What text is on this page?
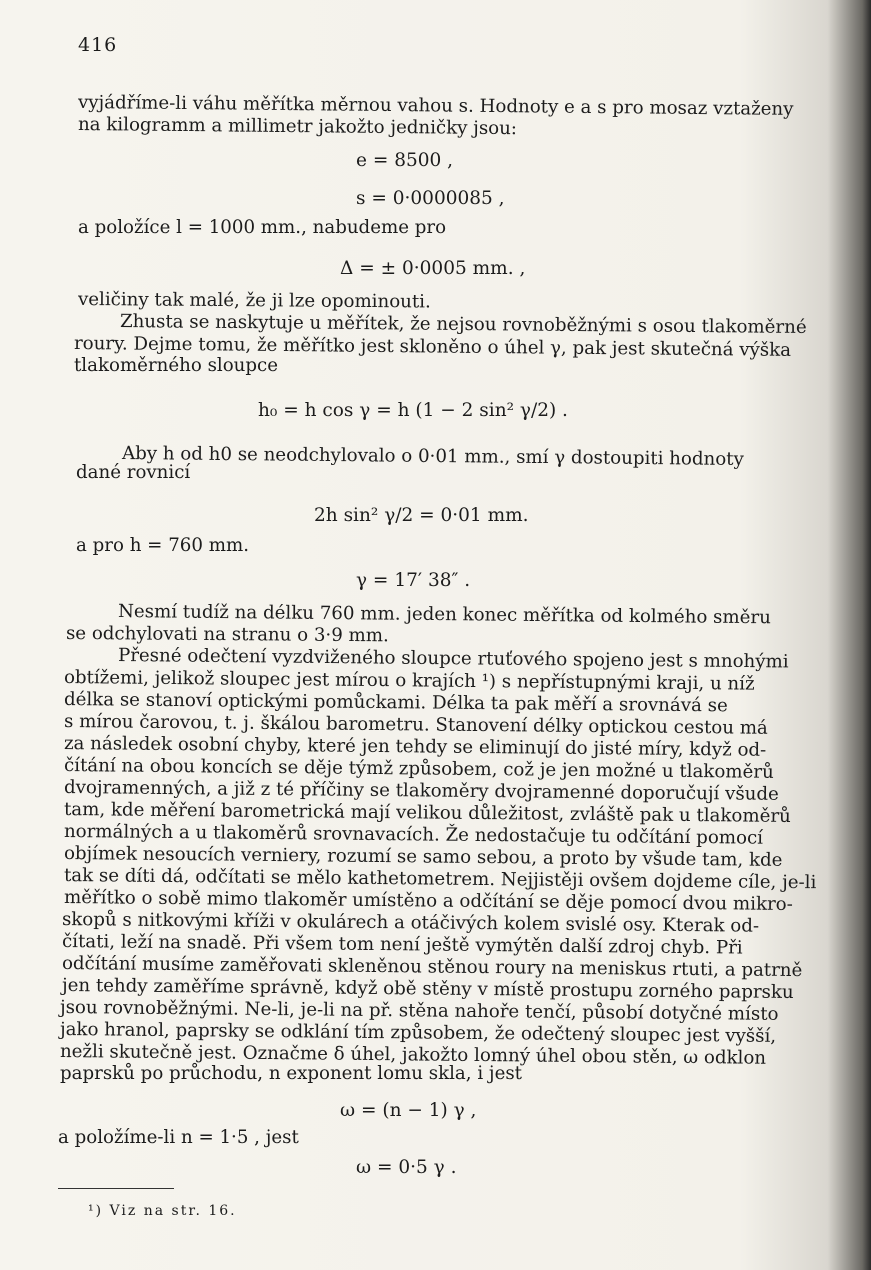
416
vyjádříme-li váhu měřítka měrnou vahou s. Hodnoty e a s pro mosaz vztaženy
na kilogramm a millimetr jakožto jedničky jsou:
e = 8500 ,
s = 0·0000085 ,
a položíce l = 1000 mm., nabudeme pro
Δ = ± 0·0005 mm. ,
veličiny tak malé, že ji lze opominouti.
Zhusta se naskytuje u měřítek, že nejsou rovnoběžnými s osou tlakoměrné
roury. Dejme tomu, že měřítko jest skloněno o úhel γ, pak jest skutečná výška
tlakoměrného sloupce
h₀ = h cos γ = h (1 − 2 sin² γ/2) .
Aby h od h0 se neodchylovalo o 0·01 mm., smí γ dostoupiti hodnoty
dané rovnicí
2h sin² γ/2 = 0·01 mm.
a pro h = 760 mm.
γ = 17′ 38″ .
Nesmí tudíž na délku 760 mm. jeden konec měřítka od kolmého směru
se odchylovati na stranu o 3·9 mm.
Přesné odečtení vyzdviženého sloupce rtuťového spojeno jest s mnohými
obtížemi, jelikož sloupec jest mírou o krajích ¹) s nepřístupnými kraji, u níž
délka se stanoví optickými pomůckami. Délka ta pak měří a srovnává se
s mírou čarovou, t. j. škálou barometru. Stanovení délky optickou cestou má
za následek osobní chyby, které jen tehdy se eliminují do jisté míry, když od-
čítání na obou koncích se děje týmž způsobem, což je jen možné u tlakoměrů
dvojramenných, a již z té příčiny se tlakoměry dvojramenné doporučují všude
tam, kde měření barometrická mají velikou důležitost, zvláště pak u tlakoměrů
normálných a u tlakoměrů srovnavacích. Že nedostačuje tu odčítání pomocí
objímek nesoucích verniery, rozumí se samo sebou, a proto by všude tam, kde
tak se díti dá, odčítati se mělo kathetometrem. Nejjistěji ovšem dojdeme cíle, je-li
měřítko o sobě mimo tlakoměr umístěno a odčítání se děje pomocí dvou mikro-
skopů s nitkovými kříži v okulárech a otáčivých kolem svislé osy. Kterak od-
čítati, leží na snadě. Při všem tom není ještě vymýtěn další zdroj chyb. Při
odčítání musíme zaměřovati skleněnou stěnou roury na meniskus rtuti, a patrně
jen tehdy zaměříme správně, když obě stěny v místě prostupu zorného paprsku
jsou rovnoběžnými. Ne-li, je-li na př. stěna nahoře tenčí, působí dotyčné místo
jako hranol, paprsky se odklání tím způsobem, že odečtený sloupec jest vyšší,
nežli skutečně jest. Označme δ úhel, jakožto lomný úhel obou stěn, ω odklon
paprsků po průchodu, n exponent lomu skla, i jest
ω = (n − 1) γ ,
a položíme-li n = 1·5 , jest
ω = 0·5 γ .
¹) Viz na str. 16.
